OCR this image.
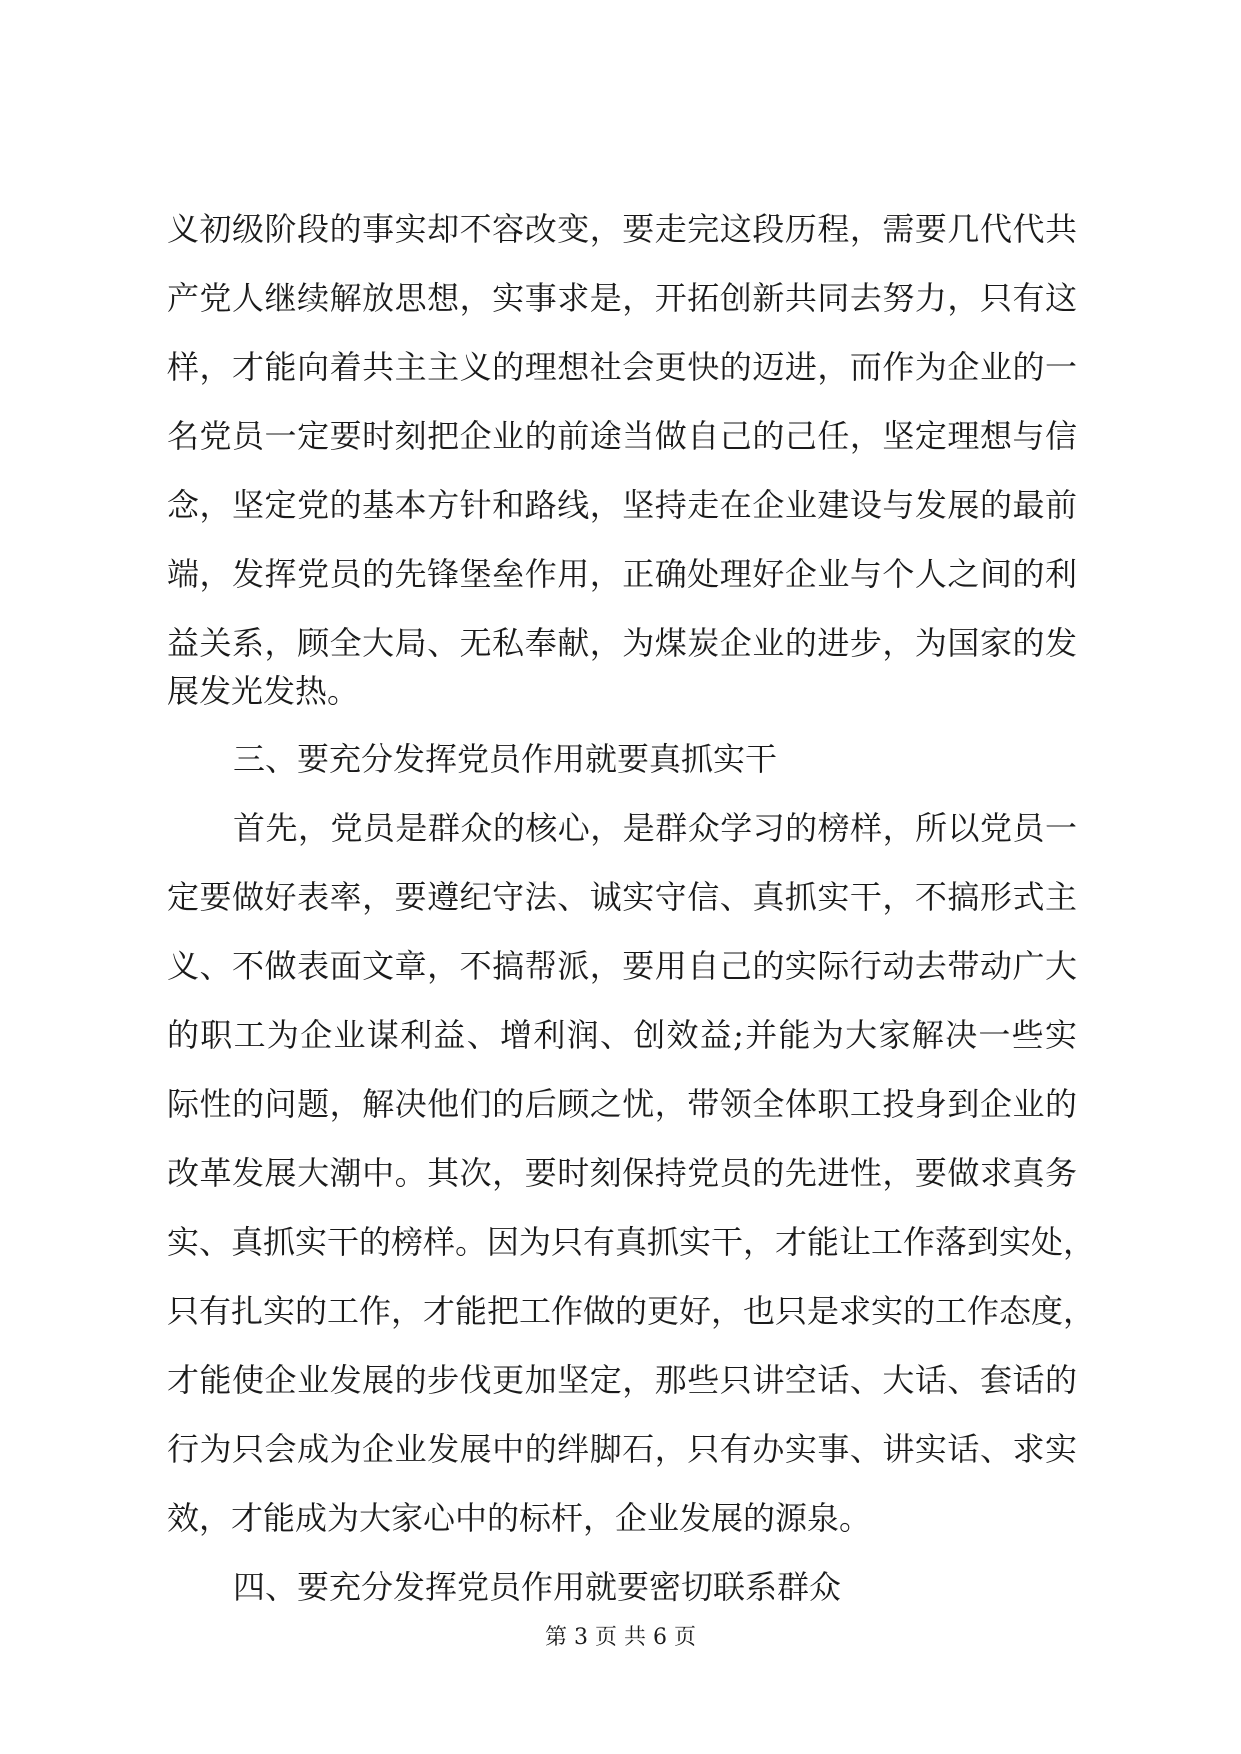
义初级阶段的事实却不容改变，要走完这段历程，需要几代代共
产党人继续解放思想，实事求是，开拓创新共同去努力，只有这
样，才能向着共主主义的理想社会更快的迈进，而作为企业的一
名党员一定要时刻把企业的前途当做自己的己任，坚定理想与信
念，坚定党的基本方针和路线，坚持走在企业建设与发展的最前
端，发挥党员的先锋堡垒作用，正确处理好企业与个人之间的利
益关系，顾全大局、无私奉献，为煤炭企业的进步，为国家的发
展发光发热。
三、要充分发挥党员作用就要真抓实干
首先，党员是群众的核心，是群众学习的榜样，所以党员一
定要做好表率，要遵纪守法、诚实守信、真抓实干，不搞形式主
义、不做表面文章，不搞帮派，要用自己的实际行动去带动广大
的职工为企业谋利益、增利润、创效益;并能为大家解决一些实
际性的问题，解决他们的后顾之忧，带领全体职工投身到企业的
改革发展大潮中。其次，要时刻保持党员的先进性，要做求真务
实、真抓实干的榜样。因为只有真抓实干，才能让工作落到实处，
只有扎实的工作，才能把工作做的更好，也只是求实的工作态度，
才能使企业发展的步伐更加坚定，那些只讲空话、大话、套话的
行为只会成为企业发展中的绊脚石，只有办实事、讲实话、求实
效，才能成为大家心中的标杆，企业发展的源泉。
四、要充分发挥党员作用就要密切联系群众
第 3 页 共 6 页
